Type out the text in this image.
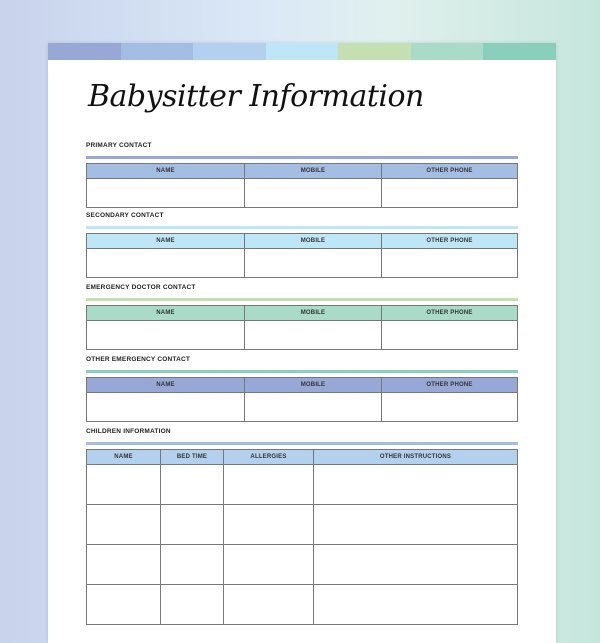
Babysitter Information
PRIMARY CONTACT
NAME	MOBILE	OTHER PHONE

SECONDARY CONTACT
NAME	MOBILE	OTHER PHONE

EMERGENCY DOCTOR CONTACT
NAME	MOBILE	OTHER PHONE

OTHER EMERGENCY CONTACT
NAME	MOBILE	OTHER PHONE

CHILDREN INFORMATION
NAME	BED TIME	ALLERGIES	OTHER INSTRUCTIONS
